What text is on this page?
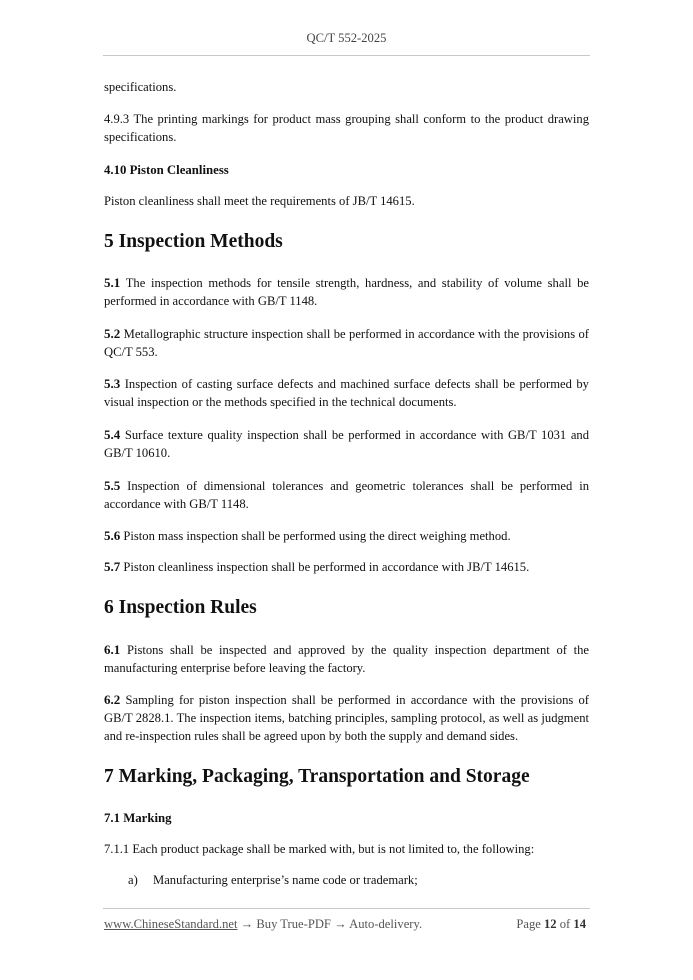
QC/T 552-2025
specifications.
4.9.3 The printing markings for product mass grouping shall conform to the product drawing specifications.
4.10 Piston Cleanliness
Piston cleanliness shall meet the requirements of JB/T 14615.
5 Inspection Methods
5.1 The inspection methods for tensile strength, hardness, and stability of volume shall be performed in accordance with GB/T 1148.
5.2 Metallographic structure inspection shall be performed in accordance with the provisions of QC/T 553.
5.3 Inspection of casting surface defects and machined surface defects shall be performed by visual inspection or the methods specified in the technical documents.
5.4 Surface texture quality inspection shall be performed in accordance with GB/T 1031 and GB/T 10610.
5.5 Inspection of dimensional tolerances and geometric tolerances shall be performed in accordance with GB/T 1148.
5.6 Piston mass inspection shall be performed using the direct weighing method.
5.7 Piston cleanliness inspection shall be performed in accordance with JB/T 14615.
6 Inspection Rules
6.1 Pistons shall be inspected and approved by the quality inspection department of the manufacturing enterprise before leaving the factory.
6.2 Sampling for piston inspection shall be performed in accordance with the provisions of GB/T 2828.1. The inspection items, batching principles, sampling protocol, as well as judgment and re-inspection rules shall be agreed upon by both the supply and demand sides.
7 Marking, Packaging, Transportation and Storage
7.1 Marking
7.1.1 Each product package shall be marked with, but is not limited to, the following:
a) Manufacturing enterprise’s name code or trademark;
www.ChineseStandard.net → Buy True-PDF → Auto-delivery.	Page 12 of 14
